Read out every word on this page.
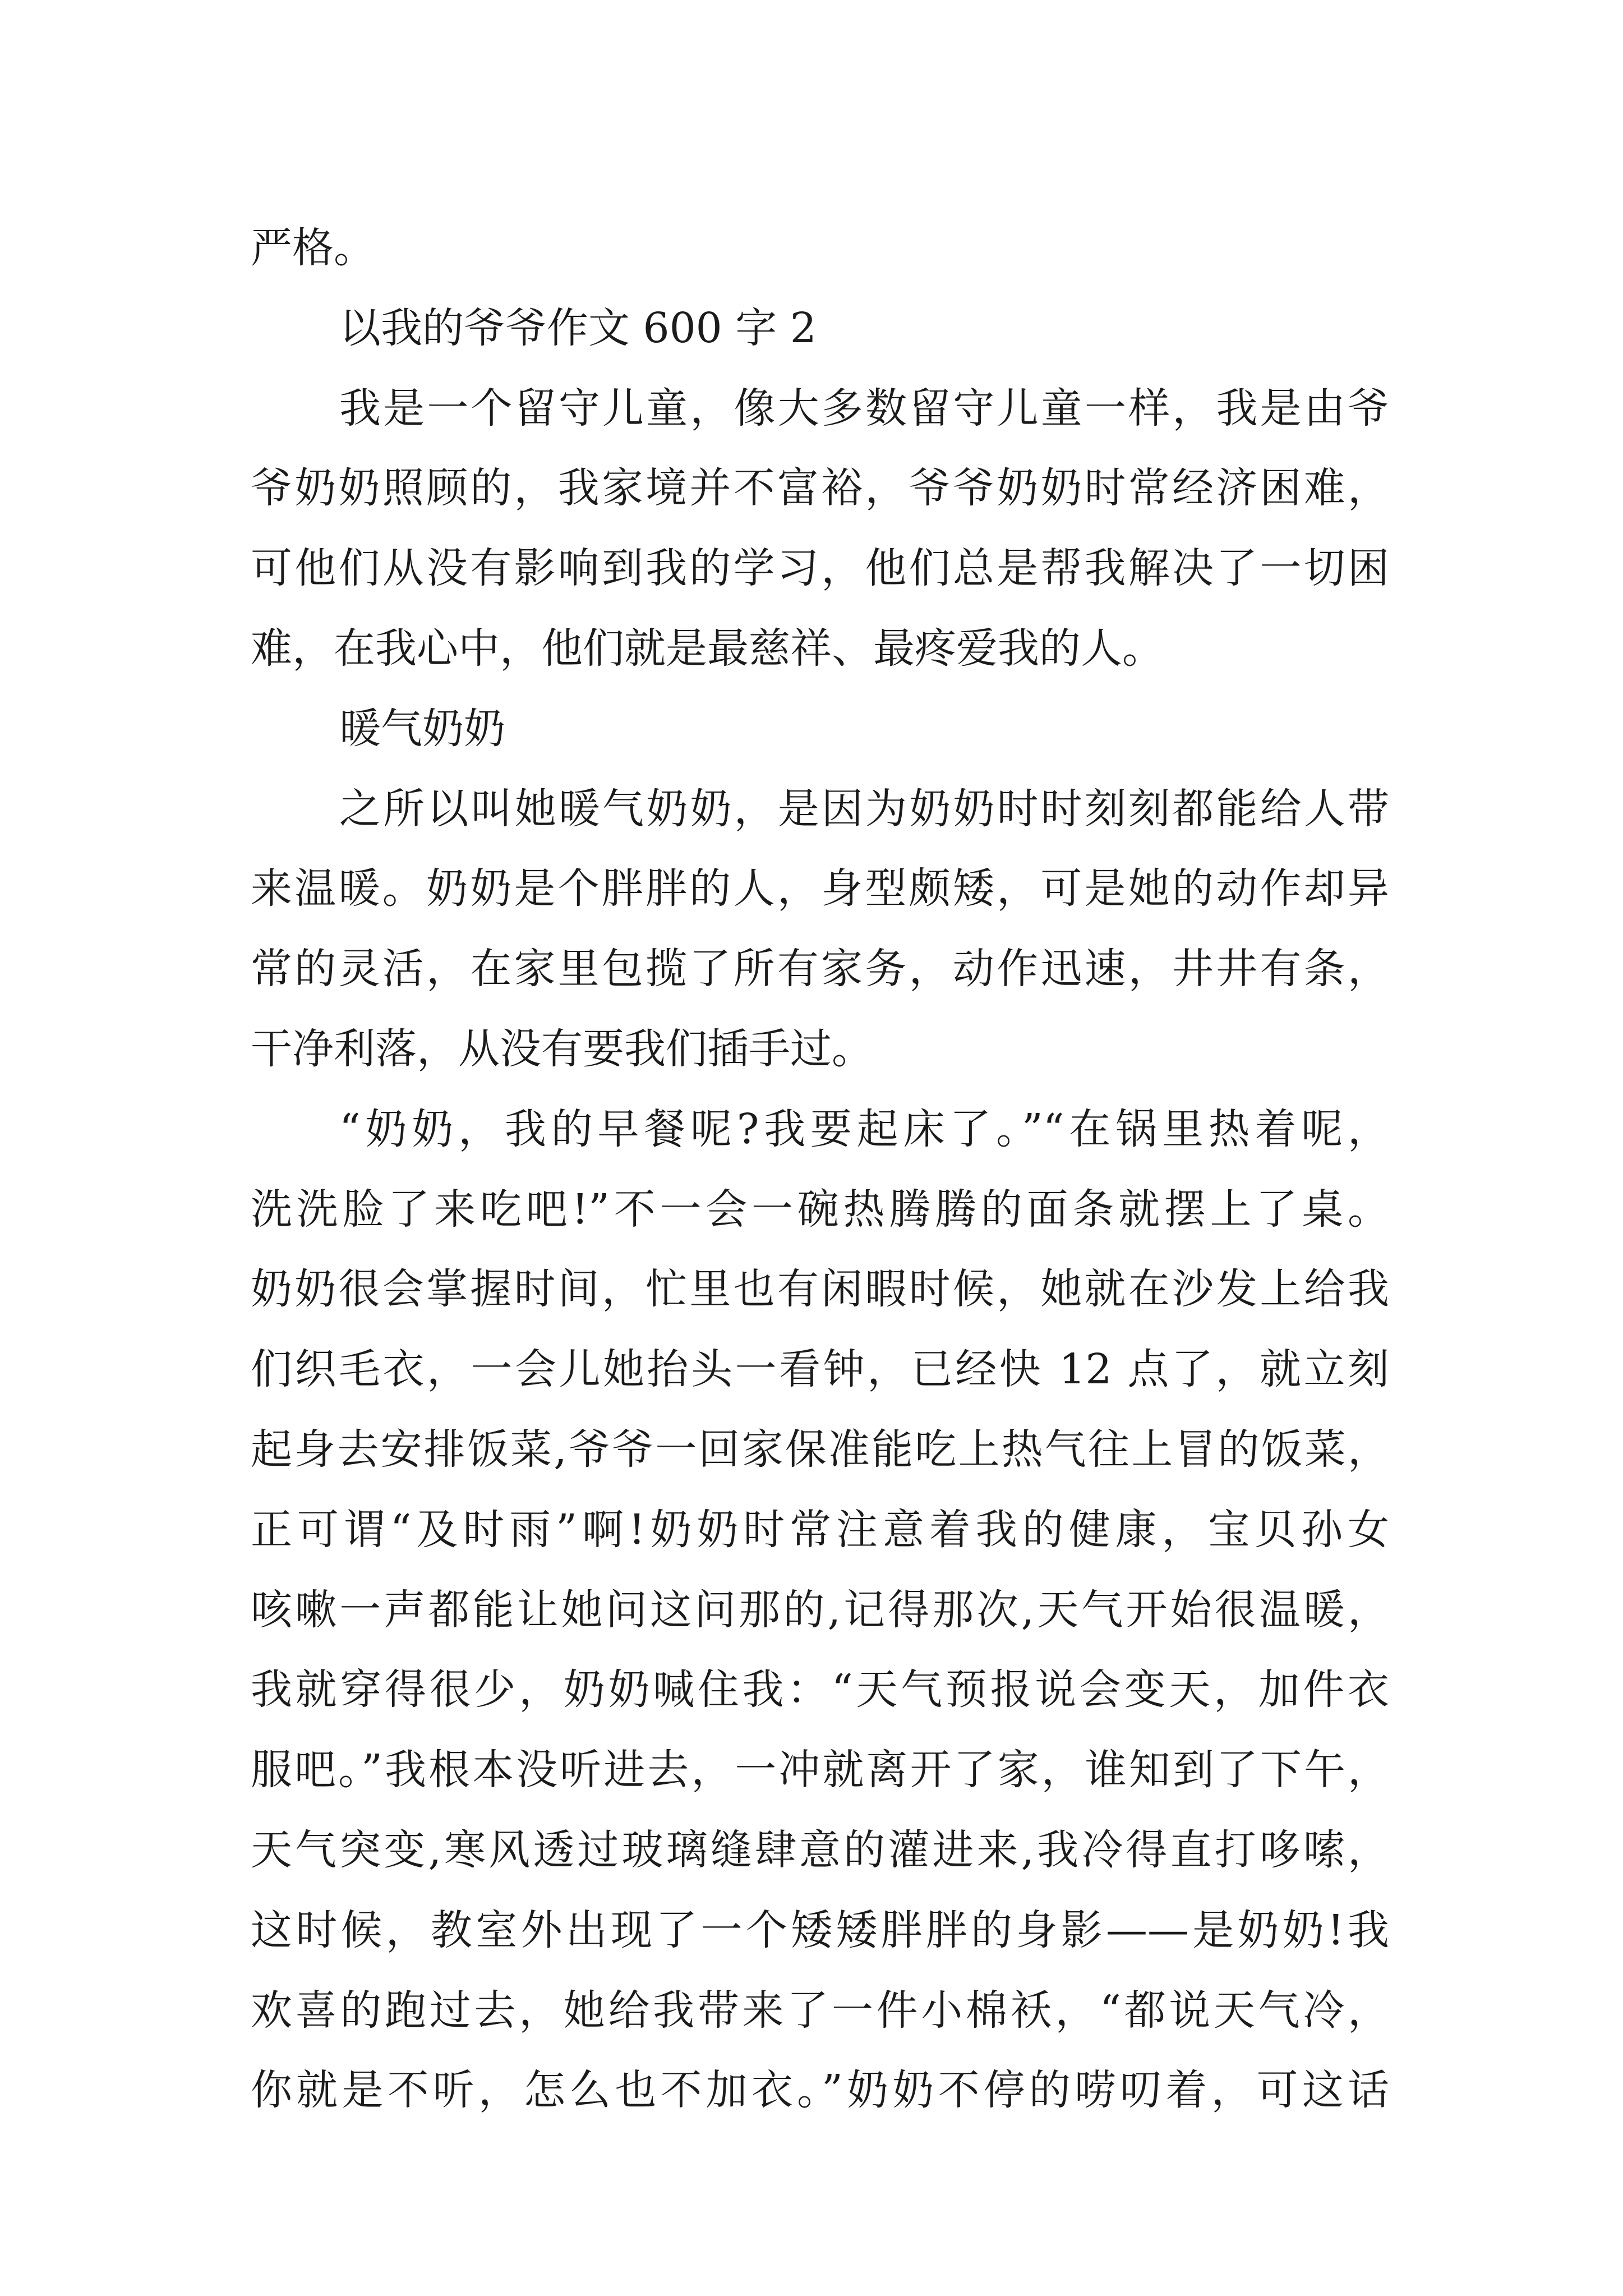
严格。
以我的爷爷作文 600 字 2
我是一个留守儿童，像大多数留守儿童一样，我是由爷
爷奶奶照顾的，我家境并不富裕，爷爷奶奶时常经济困难，
可他们从没有影响到我的学习，他们总是帮我解决了一切困
难，在我心中，他们就是最慈祥、最疼爱我的人。
暖气奶奶
之所以叫她暖气奶奶，是因为奶奶时时刻刻都能给人带
来温暖。奶奶是个胖胖的人，身型颇矮，可是她的动作却异
常的灵活，在家里包揽了所有家务，动作迅速，井井有条，
干净利落，从没有要我们插手过。
“奶奶，我的早餐呢?我要起床了。”“在锅里热着呢，
洗洗脸了来吃吧!”不一会一碗热腾腾的面条就摆上了桌。
奶奶很会掌握时间，忙里也有闲暇时候，她就在沙发上给我
们织毛衣，一会儿她抬头一看钟，已经快 12 点了，就立刻
起身去安排饭菜,爷爷一回家保准能吃上热气往上冒的饭菜，
正可谓“及时雨”啊!奶奶时常注意着我的健康，宝贝孙女
咳嗽一声都能让她问这问那的,记得那次,天气开始很温暖，
我就穿得很少，奶奶喊住我：“天气预报说会变天，加件衣
服吧。”我根本没听进去，一冲就离开了家，谁知到了下午，
天气突变,寒风透过玻璃缝肆意的灌进来,我冷得直打哆嗦，
这时候，教室外出现了一个矮矮胖胖的身影——是奶奶!我
欢喜的跑过去，她给我带来了一件小棉袄，“都说天气冷，
你就是不听，怎么也不加衣。”奶奶不停的唠叨着，可这话
